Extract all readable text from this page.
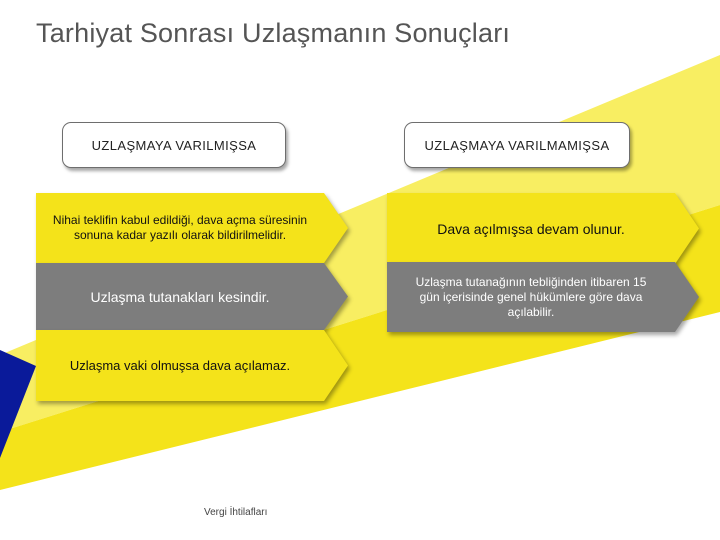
Tarhiyat Sonrası Uzlaşmanın Sonuçları
UZLAŞMAYA VARILMIŞSA	UZLAŞMAYA VARILMAMIŞSA
Nihai teklifin kabul edildiği, dava açma süresinin sonuna kadar yazılı olarak bildirilmelidir.
Uzlaşma tutanakları kesindir.
Uzlaşma vaki olmuşsa dava açılamaz.
Dava açılmışsa devam olunur.
Uzlaşma tutanağının tebliğinden itibaren 15 gün içerisinde genel hükümlere göre dava açılabilir.
Vergi İhtilafları
